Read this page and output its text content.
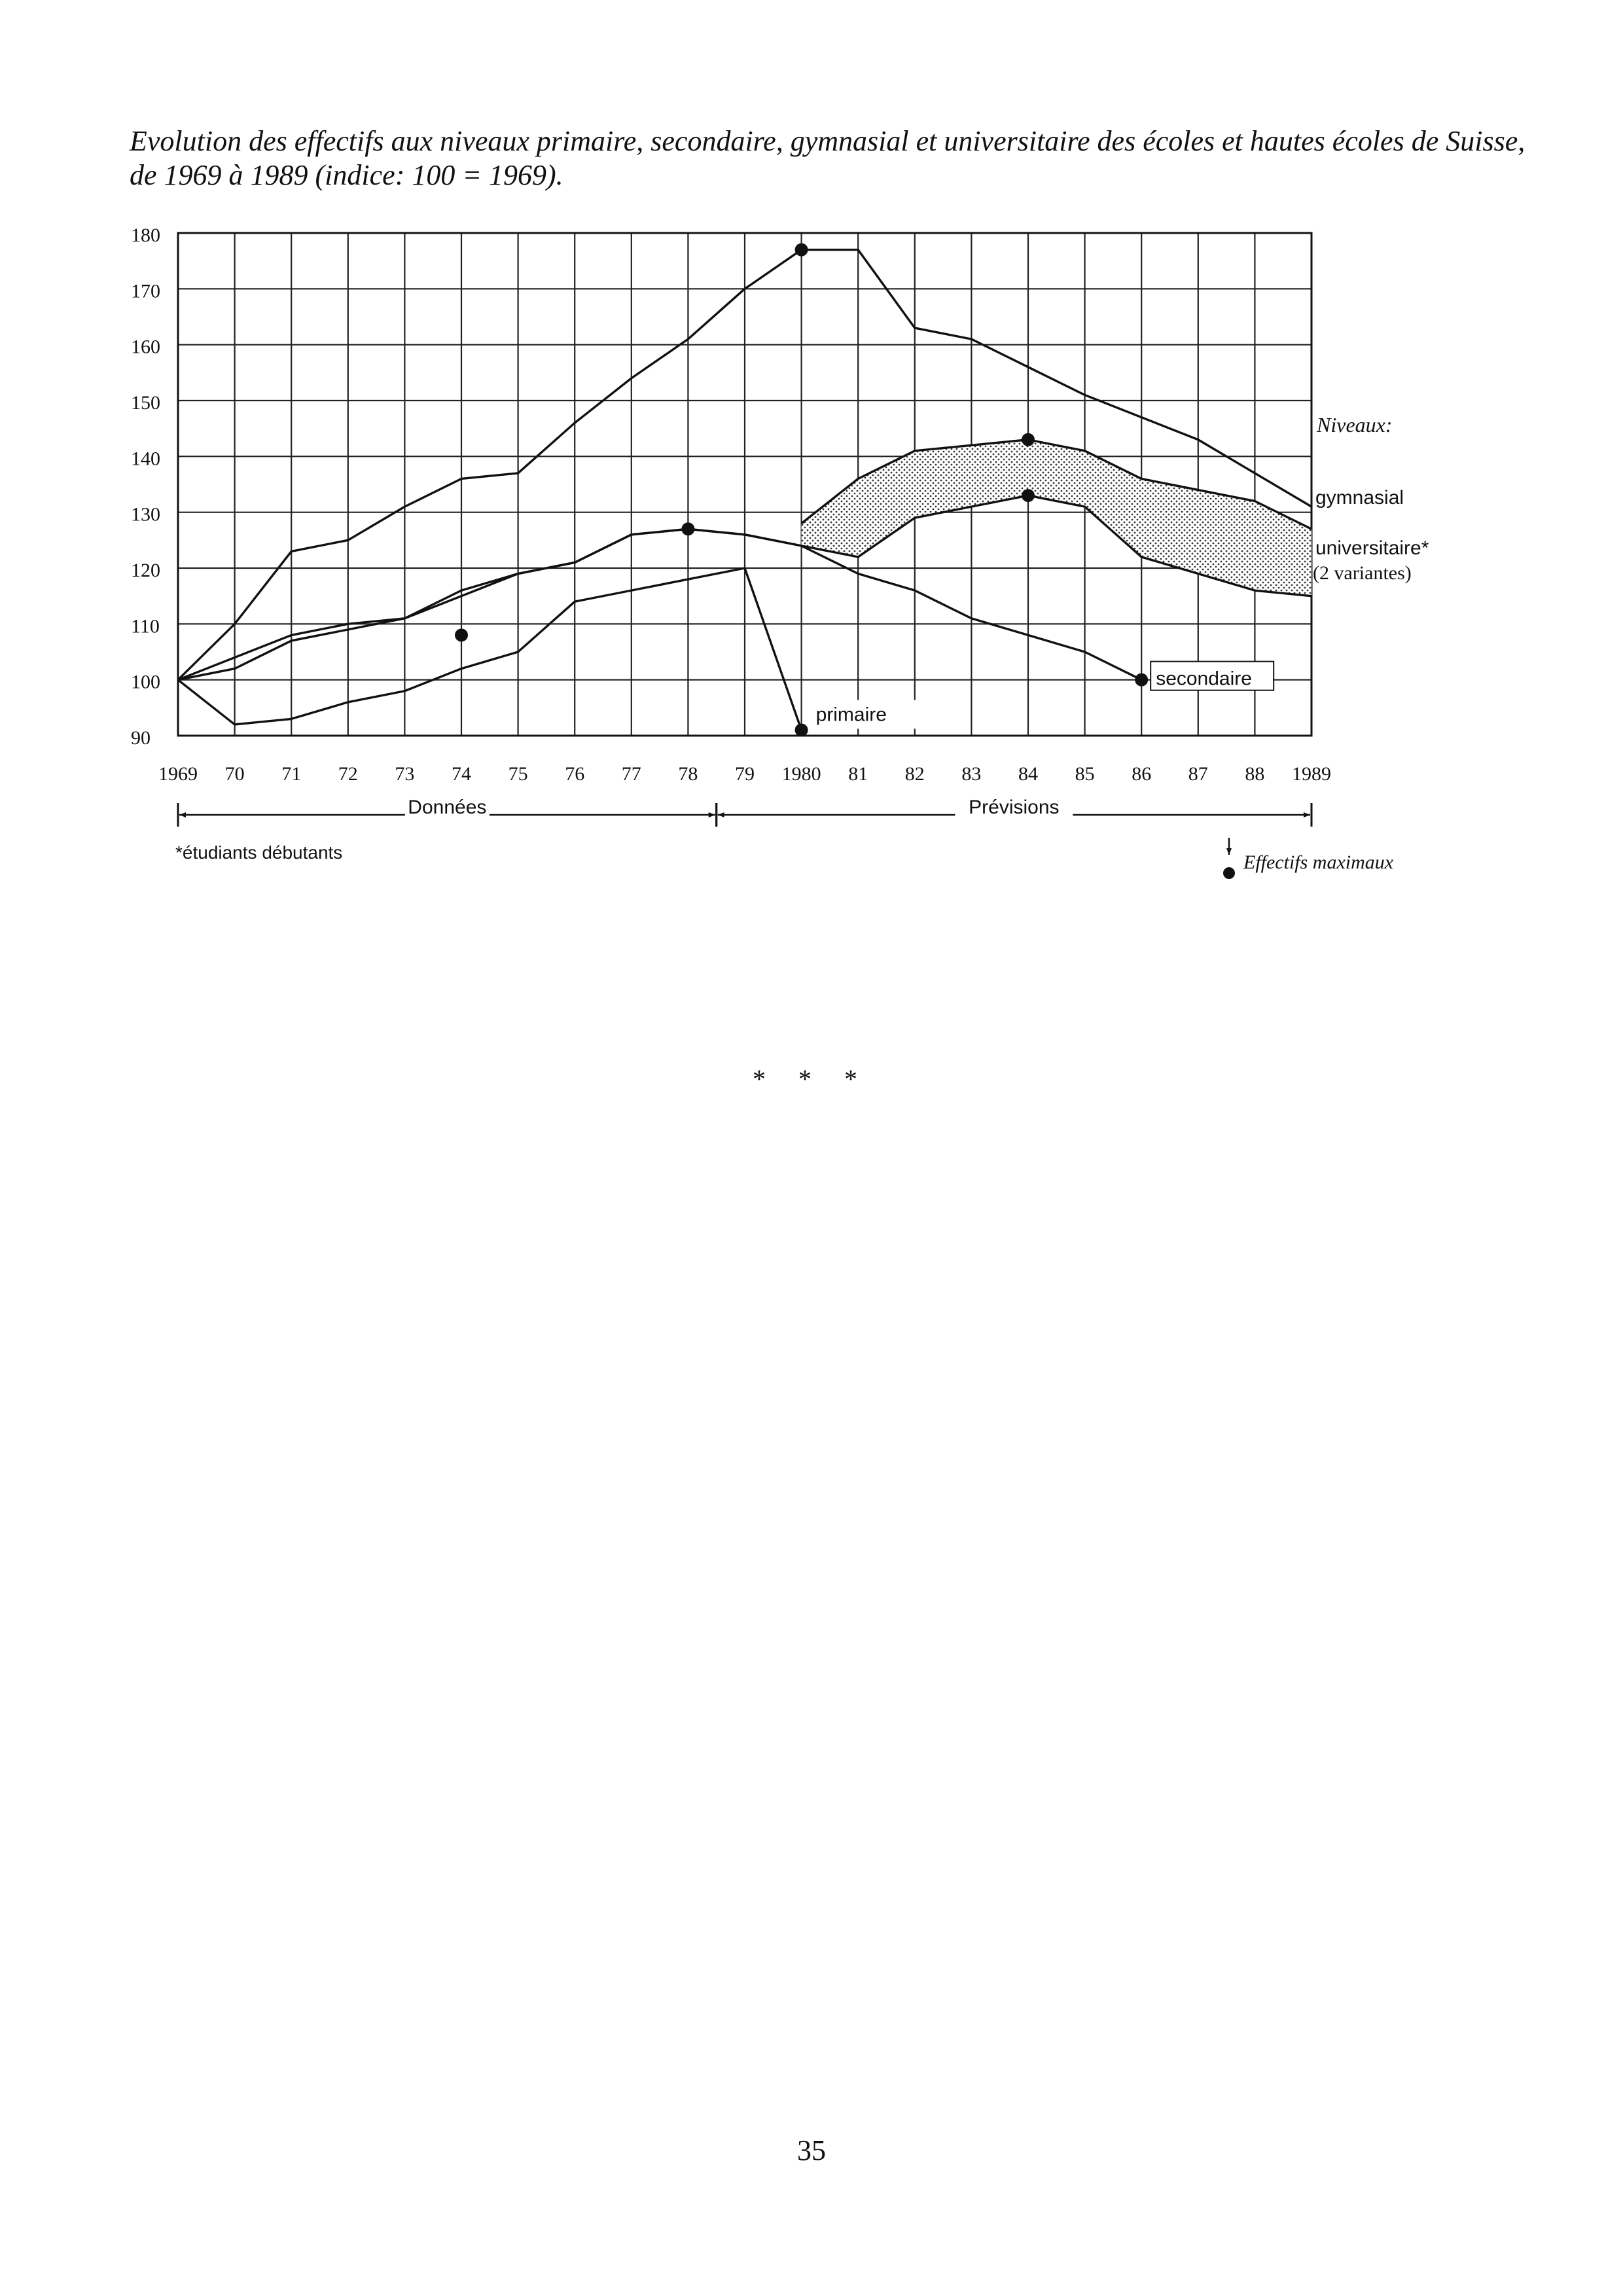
Evolution des effectifs aux niveaux primaire, secondaire, gymnasial et universitaire des écoles et hautes écoles de Suisse, de 1969 à 1989 (indice: 100 = 1969).
90
100
110
120
130
140
150
160
170
180
1969 70 71 72 73 74 75 76 77 78 79 1980 81 82 83 84 85 86 87 88 1989
Niveaux:
gymnasial
universitaire*
(2 variantes)
secondaire
primaire
Données	Prévisions
*étudiants débutants	Effectifs maximaux
* * *
35
